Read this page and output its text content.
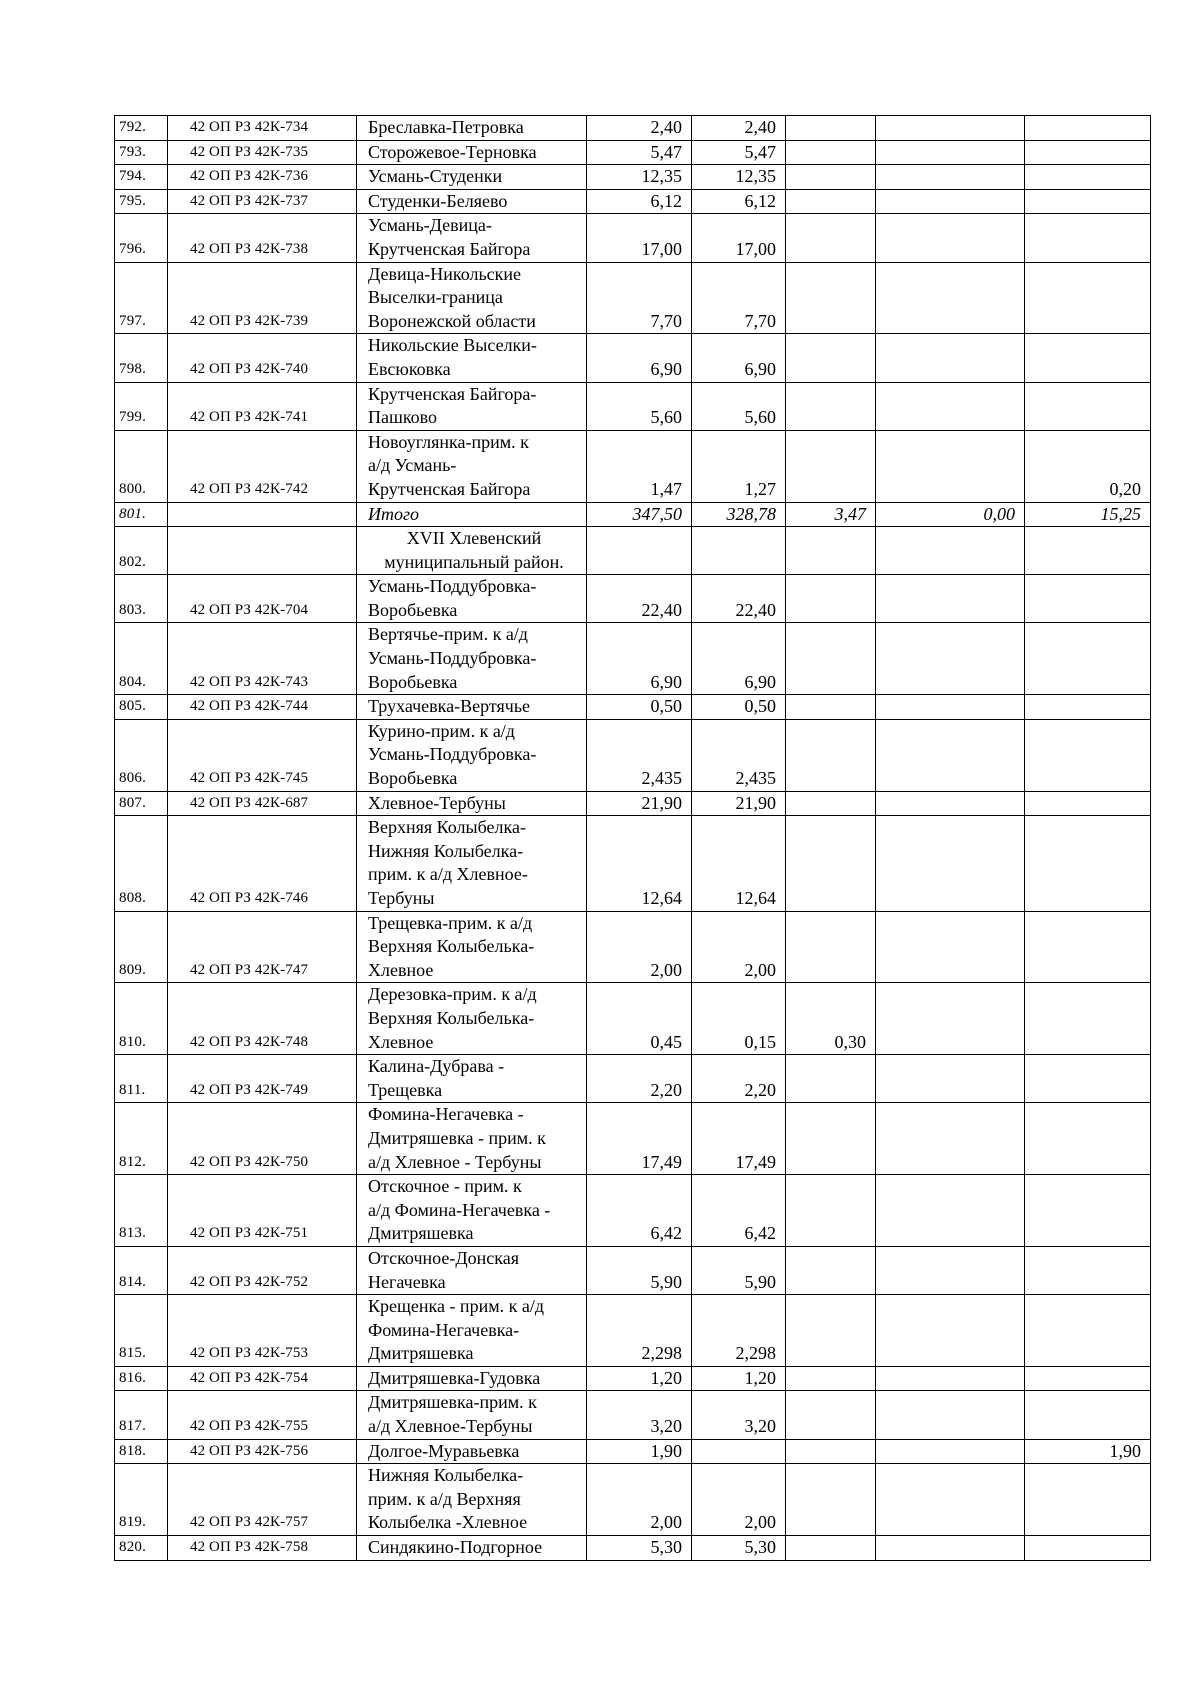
792.	42 ОП РЗ 42К-734	Бреславка-Петровка	2,40	2,40			
793.	42 ОП РЗ 42К-735	Сторожевое-Терновка	5,47	5,47			
794.	42 ОП РЗ 42К-736	Усмань-Студенки	12,35	12,35			
795.	42 ОП РЗ 42К-737	Студенки-Беляево	6,12	6,12			
796.	42 ОП РЗ 42К-738	Усмань-Девица-
Крутченская Байгора	17,00	17,00			
797.	42 ОП РЗ 42К-739	Девица-Никольские
Выселки-граница
Воронежской области	7,70	7,70			
798.	42 ОП РЗ 42К-740	Никольские Выселки-
Евсюковка	6,90	6,90			
799.	42 ОП РЗ 42К-741	Крутченская Байгора-
Пашково	5,60	5,60			
800.	42 ОП РЗ 42К-742	Новоуглянка-прим. к
а/д Усмань-
Крутченская Байгора	1,47	1,27			0,20
801.		Итого	347,50	328,78	3,47	0,00	15,25
802.		XVII Хлевенский
муниципальный район.					

803.	42 ОП РЗ 42К-704	Усмань-Поддубровка-
Воробьевка	22,40	22,40			
804.	42 ОП РЗ 42К-743	Вертячье-прим. к а/д
Усмань-Поддубровка-
Воробьевка	6,90	6,90			
805.	42 ОП РЗ 42К-744	Трухачевка-Вертячье	0,50	0,50			
806.	42 ОП РЗ 42К-745	Курино-прим. к а/д
Усмань-Поддубровка-
Воробьевка	2,435	2,435			
807.	42 ОП РЗ 42К-687	Хлевное-Тербуны	21,90	21,90			
808.	42 ОП РЗ 42К-746	Верхняя Колыбелка-
Нижняя Колыбелка-
прим. к а/д Хлевное-
Тербуны	12,64	12,64			
809.	42 ОП РЗ 42К-747	Трещевка-прим. к а/д
Верхняя Колыбелька-
Хлевное	2,00	2,00			
810.	42 ОП РЗ 42К-748	Дерезовка-прим. к а/д
Верхняя Колыбелька-
Хлевное	0,45	0,15	0,30		
811.	42 ОП РЗ 42К-749	Калина-Дубрава -
Трещевка	2,20	2,20			
812.	42 ОП РЗ 42К-750	Фомина-Негачевка -
Дмитряшевка - прим. к
а/д Хлевное - Тербуны	17,49	17,49			
813.	42 ОП РЗ 42К-751	Отскочное - прим. к
а/д Фомина-Негачевка -
Дмитряшевка	6,42	6,42			
814.	42 ОП РЗ 42К-752	Отскочное-Донская
Негачевка	5,90	5,90			
815.	42 ОП РЗ 42К-753	Крещенка - прим. к а/д
Фомина-Негачевка-
Дмитряшевка	2,298	2,298			
816.	42 ОП РЗ 42К-754	Дмитряшевка-Гудовка	1,20	1,20			
817.	42 ОП РЗ 42К-755	Дмитряшевка-прим. к
а/д Хлевное-Тербуны	3,20	3,20			
818.	42 ОП РЗ 42К-756	Долгое-Муравьевка	1,90				1,90
819.	42 ОП РЗ 42К-757	Нижняя Колыбелка-
прим. к а/д Верхняя
Колыбелка -Хлевное	2,00	2,00			
820.	42 ОП РЗ 42К-758	Синдякино-Подгорное	5,30	5,30			
